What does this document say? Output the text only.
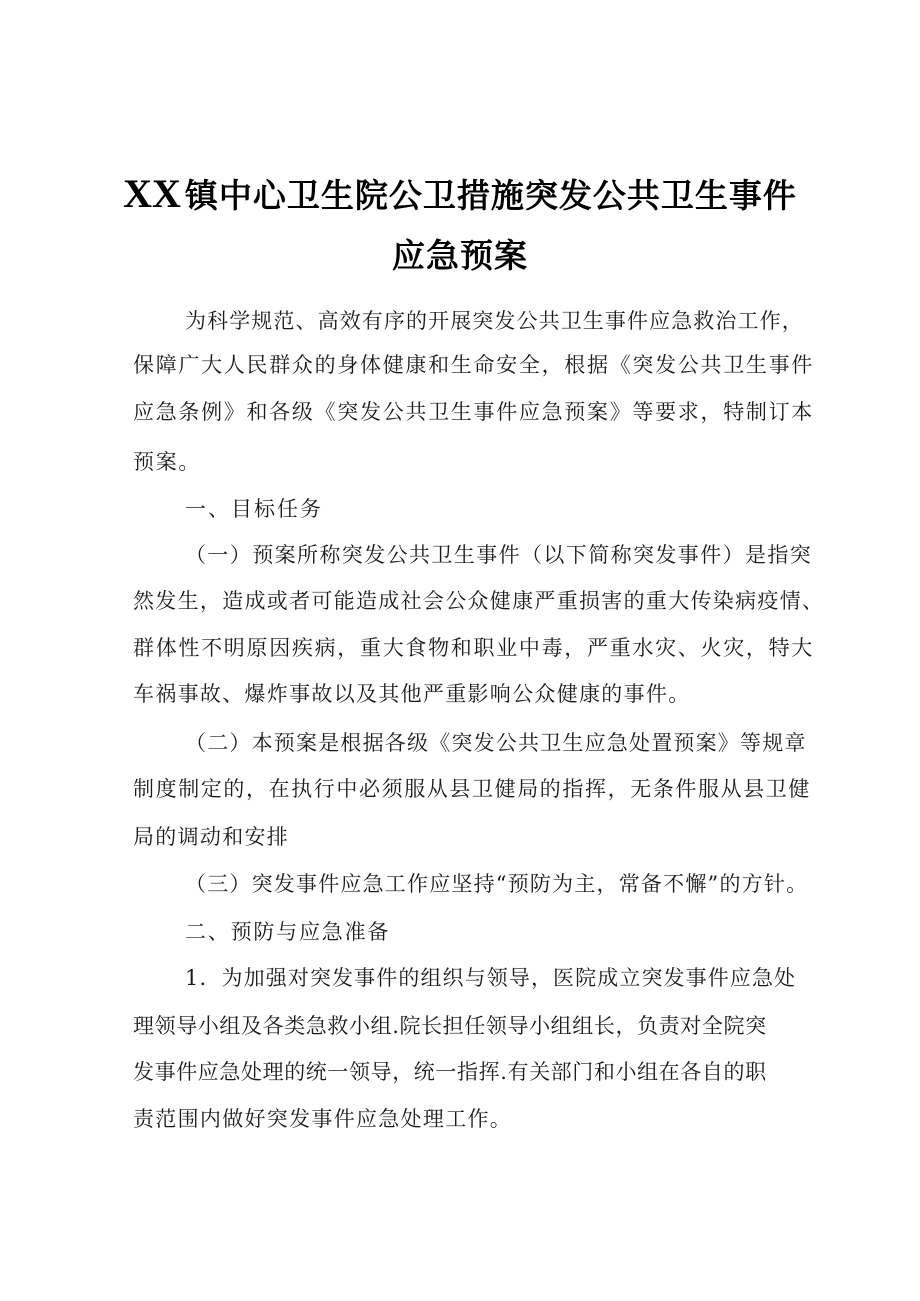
XX 镇中心卫生院公卫措施突发公共卫生事件
应急预案
为科学规范、高效有序的开展突发公共卫生事件应急救治工作，
保障广大人民群众的身体健康和生命安全，根据《突发公共卫生事件
应急条例》和各级《突发公共卫生事件应急预案》等要求，特制订本
预案。
一、目标任务
（一）预案所称突发公共卫生事件（以下简称突发事件）是指突
然发生，造成或者可能造成社会公众健康严重损害的重大传染病疫情、
群体性不明原因疾病，重大食物和职业中毒，严重水灾、火灾，特大
车祸事故、爆炸事故以及其他严重影响公众健康的事件。
（二）本预案是根据各级《突发公共卫生应急处置预案》等规章
制度制定的，在执行中必须服从县卫健局的指挥，无条件服从县卫健
局的调动和安排
（三）突发事件应急工作应坚持“预防为主，常备不懈”的方针。
二、预防与应急准备
1．为加强对突发事件的组织与领导，医院成立突发事件应急处
理领导小组及各类急救小组.院长担任领导小组组长，负责对全院突
发事件应急处理的统一领导，统一指挥.有关部门和小组在各自的职
责范围内做好突发事件应急处理工作。
